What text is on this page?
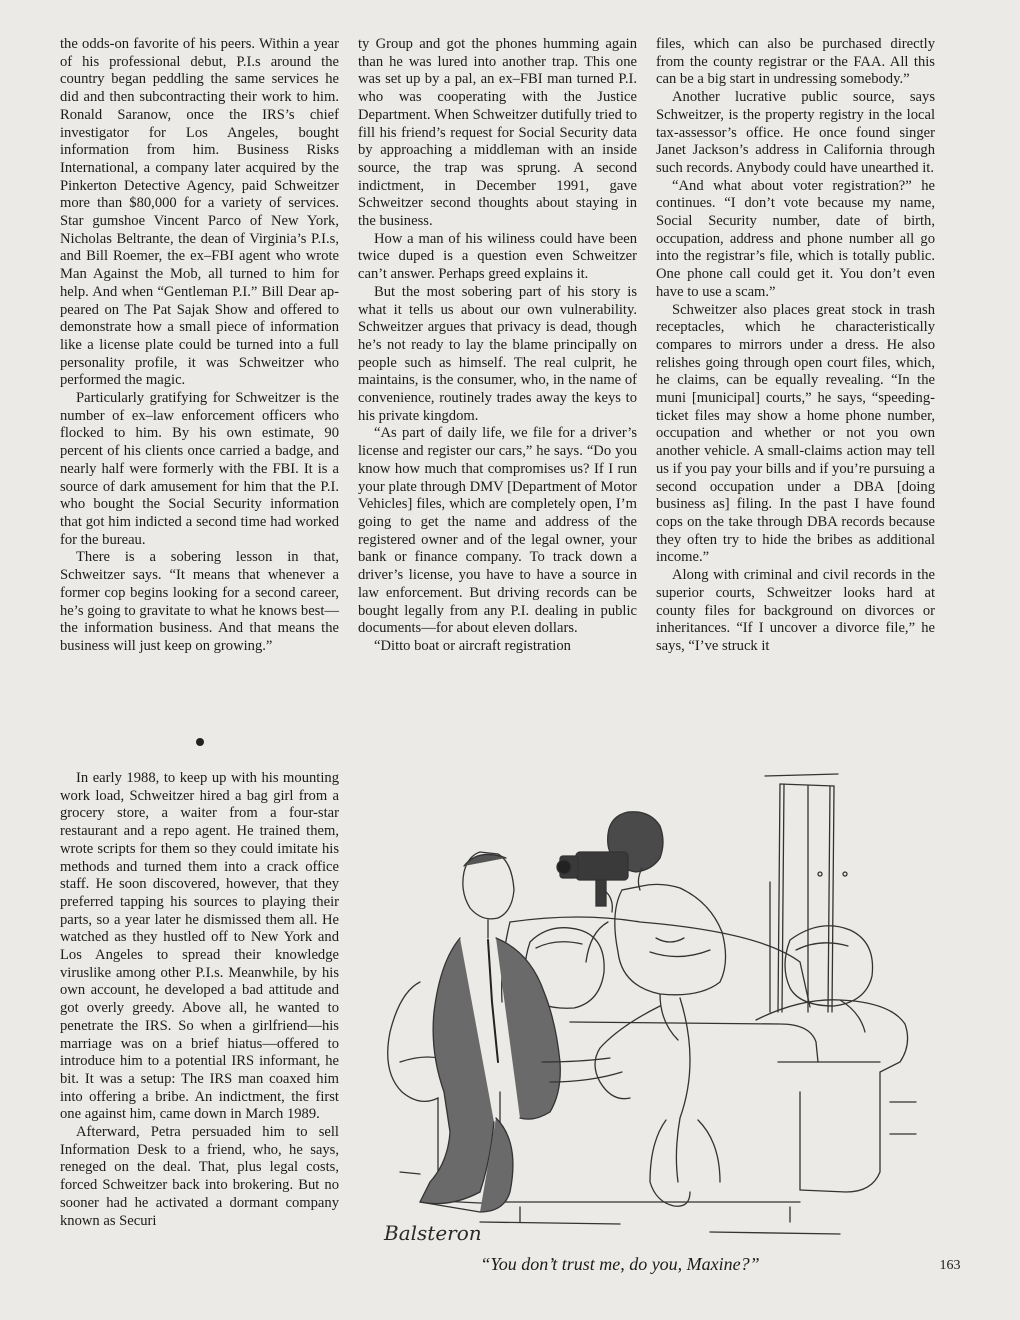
the odds-on favorite of his peers. Within a year of his professional debut, P.I.s around the country began peddling the same services he did and then subcontracting their work to him. Ronald Saranow, once the IRS’s chief investigator for Los Angeles, bought information from him. Business Risks International, a company later acquired by the Pinkerton Detective Agency, paid Schweitzer more than $80,000 for a variety of services. Star gumshoe Vincent Parco of New York, Nicholas Beltrante, the dean of Virginia’s P.I.s, and Bill Roemer, the ex–FBI agent who wrote Man Against the Mob, all turned to him for help. And when “Gentleman P.I.” Bill Dear appeared on The Pat Sajak Show and offered to demonstrate how a small piece of information like a license plate could be turned into a full personality profile, it was Schweitzer who performed the magic.

Particularly gratifying for Schweitzer is the number of ex–law enforcement officers who flocked to him. By his own estimate, 90 percent of his clients once carried a badge, and nearly half were formerly with the FBI. It is a source of dark amusement for him that the P.I. who bought the Social Security information that got him indicted a second time had worked for the bureau.

There is a sobering lesson in that, Schweitzer says. “It means that whenever a former cop begins looking for a second career, he’s going to gravitate to what he knows best—the information business. And that means the business will just keep on growing.”

ty Group and got the phones humming again than he was lured into another trap. This one was set up by a pal, an ex–FBI man turned P.I. who was cooperating with the Justice Department. When Schweitzer dutifully tried to fill his friend’s request for Social Security data by approaching a middleman with an inside source, the trap was sprung. A second indictment, in December 1991, gave Schweitzer second thoughts about staying in the business.

How a man of his wiliness could have been twice duped is a question even Schweitzer can’t answer. Perhaps greed explains it.

But the most sobering part of his story is what it tells us about our own vulnerability. Schweitzer argues that privacy is dead, though he’s not ready to lay the blame principally on people such as himself. The real culprit, he maintains, is the consumer, who, in the name of convenience, routinely trades away the keys to his private kingdom.

“As part of daily life, we file for a driver’s license and register our cars,” he says. “Do you know how much that compromises us? If I run your plate through DMV [Department of Motor Vehicles] files, which are completely open, I’m going to get the name and address of the registered owner and of the legal owner, your bank or finance company. To track down a driver’s license, you have to have a source in law enforcement. But driving records can be bought legally from any P.I. dealing in public documents—for about eleven dollars.

“Ditto boat or aircraft registration

files, which can also be purchased directly from the county registrar or the FAA. All this can be a big start in undressing somebody.”

Another lucrative public source, says Schweitzer, is the property registry in the local tax-assessor’s office. He once found singer Janet Jackson’s address in California through such records. Anybody could have unearthed it.

“And what about voter registration?” he continues. “I don’t vote because my name, Social Security number, date of birth, occupation, address and phone number all go into the registrar’s file, which is totally public. One phone call could get it. You don’t even have to use a scam.”

Schweitzer also places great stock in trash receptacles, which he characteristically compares to mirrors under a dress. He also relishes going through open court files, which, he claims, can be equally revealing. “In the muni [municipal] courts,” he says, “speeding-ticket files may show a home phone number, occupation and whether or not you own another vehicle. A small-claims action may tell us if you pay your bills and if you’re pursuing a second occupation under a DBA [doing business as] filing. In the past I have found cops on the take through DBA records because they often try to hide the bribes as additional income.”

Along with criminal and civil records in the superior courts, Schweitzer looks hard at county files for background on divorces or inheritances. “If I uncover a divorce file,” he says, “I’ve struck it

In early 1988, to keep up with his mounting work load, Schweitzer hired a bag girl from a grocery store, a waiter from a four-star restaurant and a repo agent. He trained them, wrote scripts for them so they could imitate his methods and turned them into a crack office staff. He soon discovered, however, that they preferred tapping his sources to playing their parts, so a year later he dismissed them all. He watched as they hustled off to New York and Los Angeles to spread their knowledge viruslike among other P.I.s. Meanwhile, by his own account, he developed a bad attitude and got overly greedy. Above all, he wanted to penetrate the IRS. So when a girlfriend—his marriage was on a brief hiatus—offered to introduce him to a potential IRS informant, he bit. It was a setup: The IRS man coaxed him into offering a bribe. An indictment, the first one against him, came down in March 1989.

Afterward, Petra persuaded him to sell Information Desk to a friend, who, he says, reneged on the deal. That, plus legal costs, forced Schweitzer back into brokering. But no sooner had he activated a dormant company known as Securi

Balsteron
“You don’t trust me, do you, Maxine?”	163
